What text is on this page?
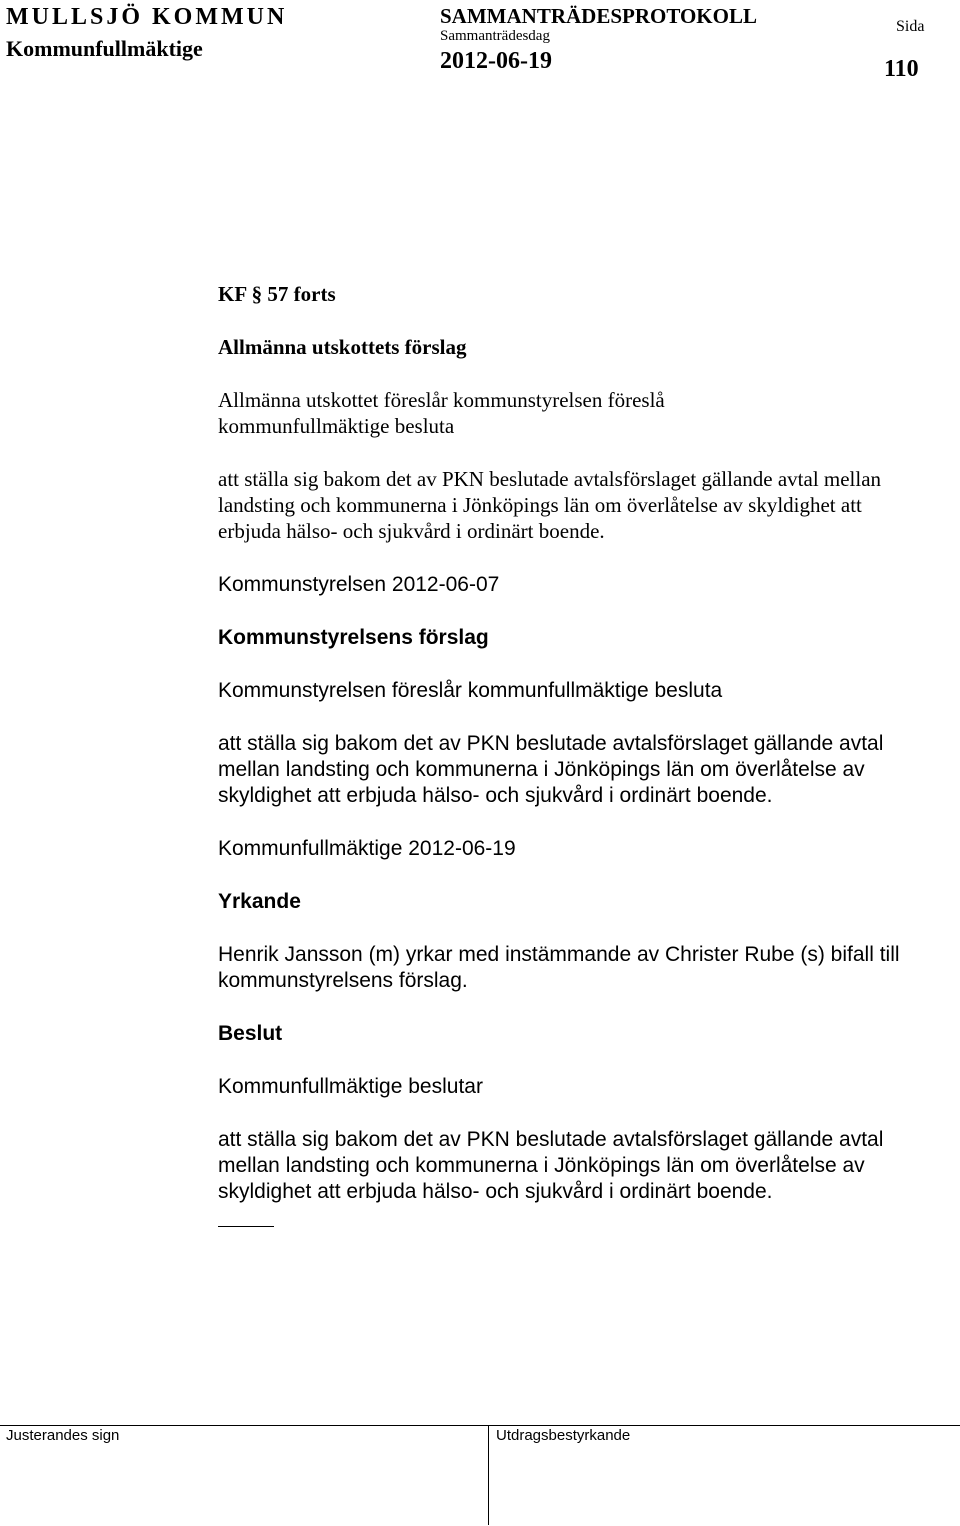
MULLSJÖ KOMMUN
Kommunfullmäktige
SAMMANTRÄDESPROTOKOLL
Sammanträdesdag
2012-06-19
Sida
110
KF § 57 forts
Allmänna utskottets förslag
Allmänna utskottet föreslår kommunstyrelsen föreslå kommunfullmäktige besluta
att ställa sig bakom det av PKN beslutade avtalsförslaget gällande avtal mellan landsting och kommunerna i Jönköpings län om överlåtelse av skyldighet att erbjuda hälso- och sjukvård i ordinärt boende.
Kommunstyrelsen 2012-06-07
Kommunstyrelsens förslag
Kommunstyrelsen föreslår kommunfullmäktige besluta
att ställa sig bakom det av PKN beslutade avtalsförslaget gällande avtal mellan landsting och kommunerna i Jönköpings län om överlåtelse av skyldighet att erbjuda hälso- och sjukvård i ordinärt boende.
Kommunfullmäktige 2012-06-19
Yrkande
Henrik Jansson (m) yrkar med instämmande av Christer Rube (s) bifall till kommunstyrelsens förslag.
Beslut
Kommunfullmäktige beslutar
att ställa sig bakom det av PKN beslutade avtalsförslaget gällande avtal mellan landsting och kommunerna i Jönköpings län om överlåtelse av skyldighet att erbjuda hälso- och sjukvård i ordinärt boende.
Justerandes sign	Utdragsbestyrkande
